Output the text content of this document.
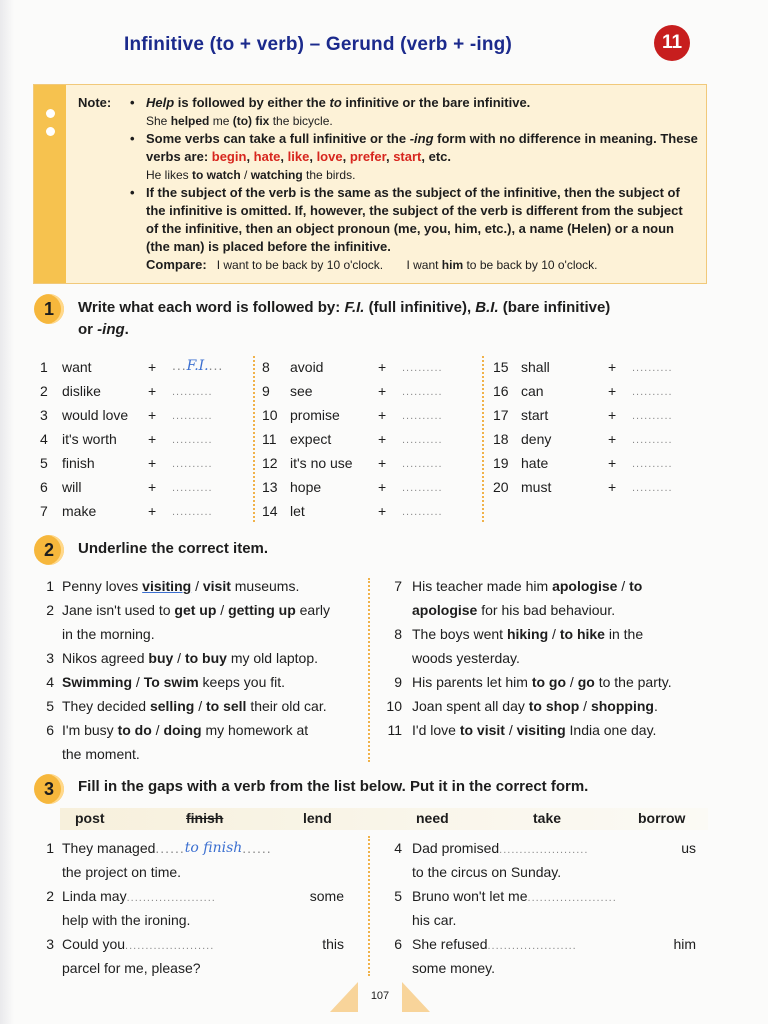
Infinitive (to + verb) – Gerund (verb + -ing)	11
Note:
•	Help is followed by either the to infinitive or the bare infinitive.
She helped me (to) fix the bicycle.
• Some verbs can take a full infinitive or the -ing form with no difference in meaning. These verbs are: begin, hate, like, love, prefer, start, etc.
He likes to watch / watching the birds.
• If the subject of the verb is the same as the subject of the infinitive, then the subject of the infinitive is omitted. If, however, the subject of the verb is different from the subject of the infinitive, then an object pronoun (me, you, him, etc.), a name (Helen) or a noun (the man) is placed before the infinitive.
Compare: I want to be back by 10 o'clock. I want him to be back by 10 o'clock.
1	Write what each word is followed by: F.I. (full infinitive), B.I. (bare infinitive)
or -ing.
1	want	+ ...F.I....
2	dislike	+ ..........
3	would love + ..........
4	it's worth + ..........
5	finish	+ ..........
6	will	+ ..........
7	make	+ ..........
8	avoid	+ ..........
9	see	+ ..........
10 promise	+ ..........
11 expect	+ ..........
12 it's no use + ..........
13 hope	+ ..........
14 let	+ ..........
15 shall	+ ..........
16 can	+ ..........
17 start	+ ..........
18 deny	+ ..........
19 hate	+ ..........
20 must	+ ..........
2	Underline the correct item.
1 Penny loves visiting / visit museums.
2 Jane isn't used to get up / getting up early
in the morning.
3 Nikos agreed buy / to buy my old laptop.
4 Swimming / To swim keeps you fit.
5 They decided selling / to sell their old car.
6 I'm busy to do / doing my homework at
the moment.
7 His teacher made him apologise / to
apologise for his bad behaviour.
8 The boys went hiking / to hike in the
woods yesterday.
9 His parents let him to go / go to the party.
10 Joan spent all day to shop / shopping.
11 I'd love to visit / visiting India one day.
3	Fill in the gaps with a verb from the list below. Put it in the correct form.
post	finish	lend	need	take	borrow
1 They managed ...... to finish ......
the project on time.
2 Linda may ......................	some
help with the ironing.
3 Could you ......................	this
parcel for me, please?
4 Dad promised ......................	us
to the circus on Sunday.
5 Bruno won't let me ......................
his car.
6 She refused ......................	him
some money.
107
